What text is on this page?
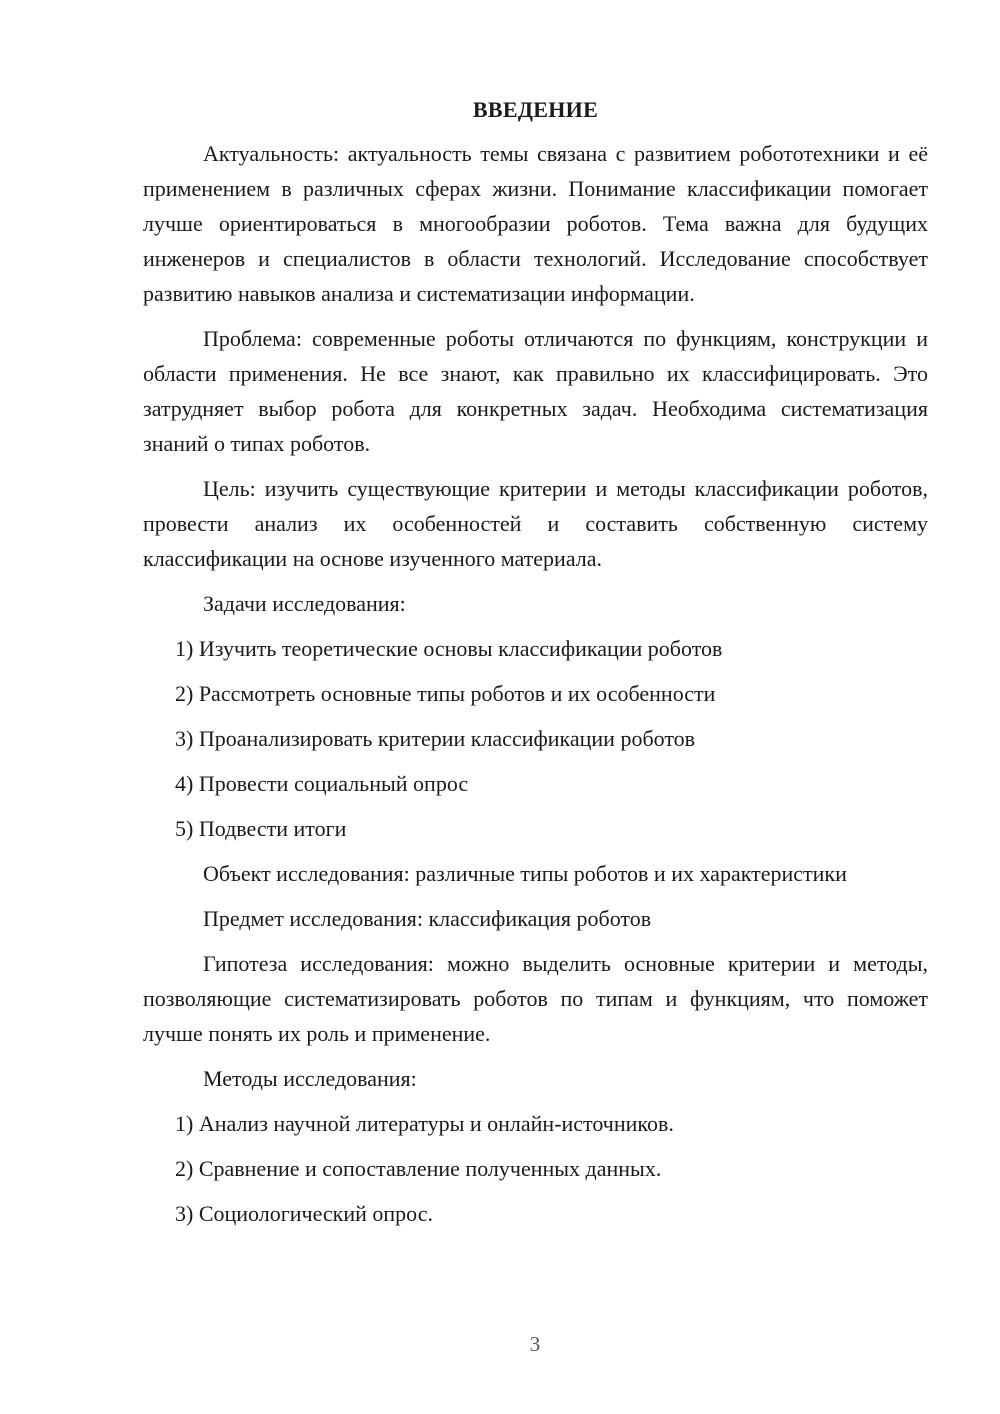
ВВЕДЕНИЕ

Актуальность: актуальность темы связана с развитием робототехники и её применением в различных сферах жизни. Понимание классификации помогает лучше ориентироваться в многообразии роботов. Тема важна для будущих инженеров и специалистов в области технологий. Исследование способствует развитию навыков анализа и систематизации информации.

Проблема: современные роботы отличаются по функциям, конструкции и области применения. Не все знают, как правильно их классифицировать. Это затрудняет выбор робота для конкретных задач. Необходима систематизация знаний о типах роботов.

Цель: изучить существующие критерии и методы классификации роботов, провести анализ их особенностей и составить собственную систему классификации на основе изученного материала.

Задачи исследования:

1) Изучить теоретические основы классификации роботов
2) Рассмотреть основные типы роботов и их особенности
3) Проанализировать критерии классификации роботов
4) Провести социальный опрос
5) Подвести итоги

Объект исследования: различные типы роботов и их характеристики

Предмет исследования: классификация роботов

Гипотеза исследования: можно выделить основные критерии и методы, позволяющие систематизировать роботов по типам и функциям, что поможет лучше понять их роль и применение.

Методы исследования:

1) Анализ научной литературы и онлайн-источников.
2) Сравнение и сопоставление полученных данных.
3) Социологический опрос.
3
